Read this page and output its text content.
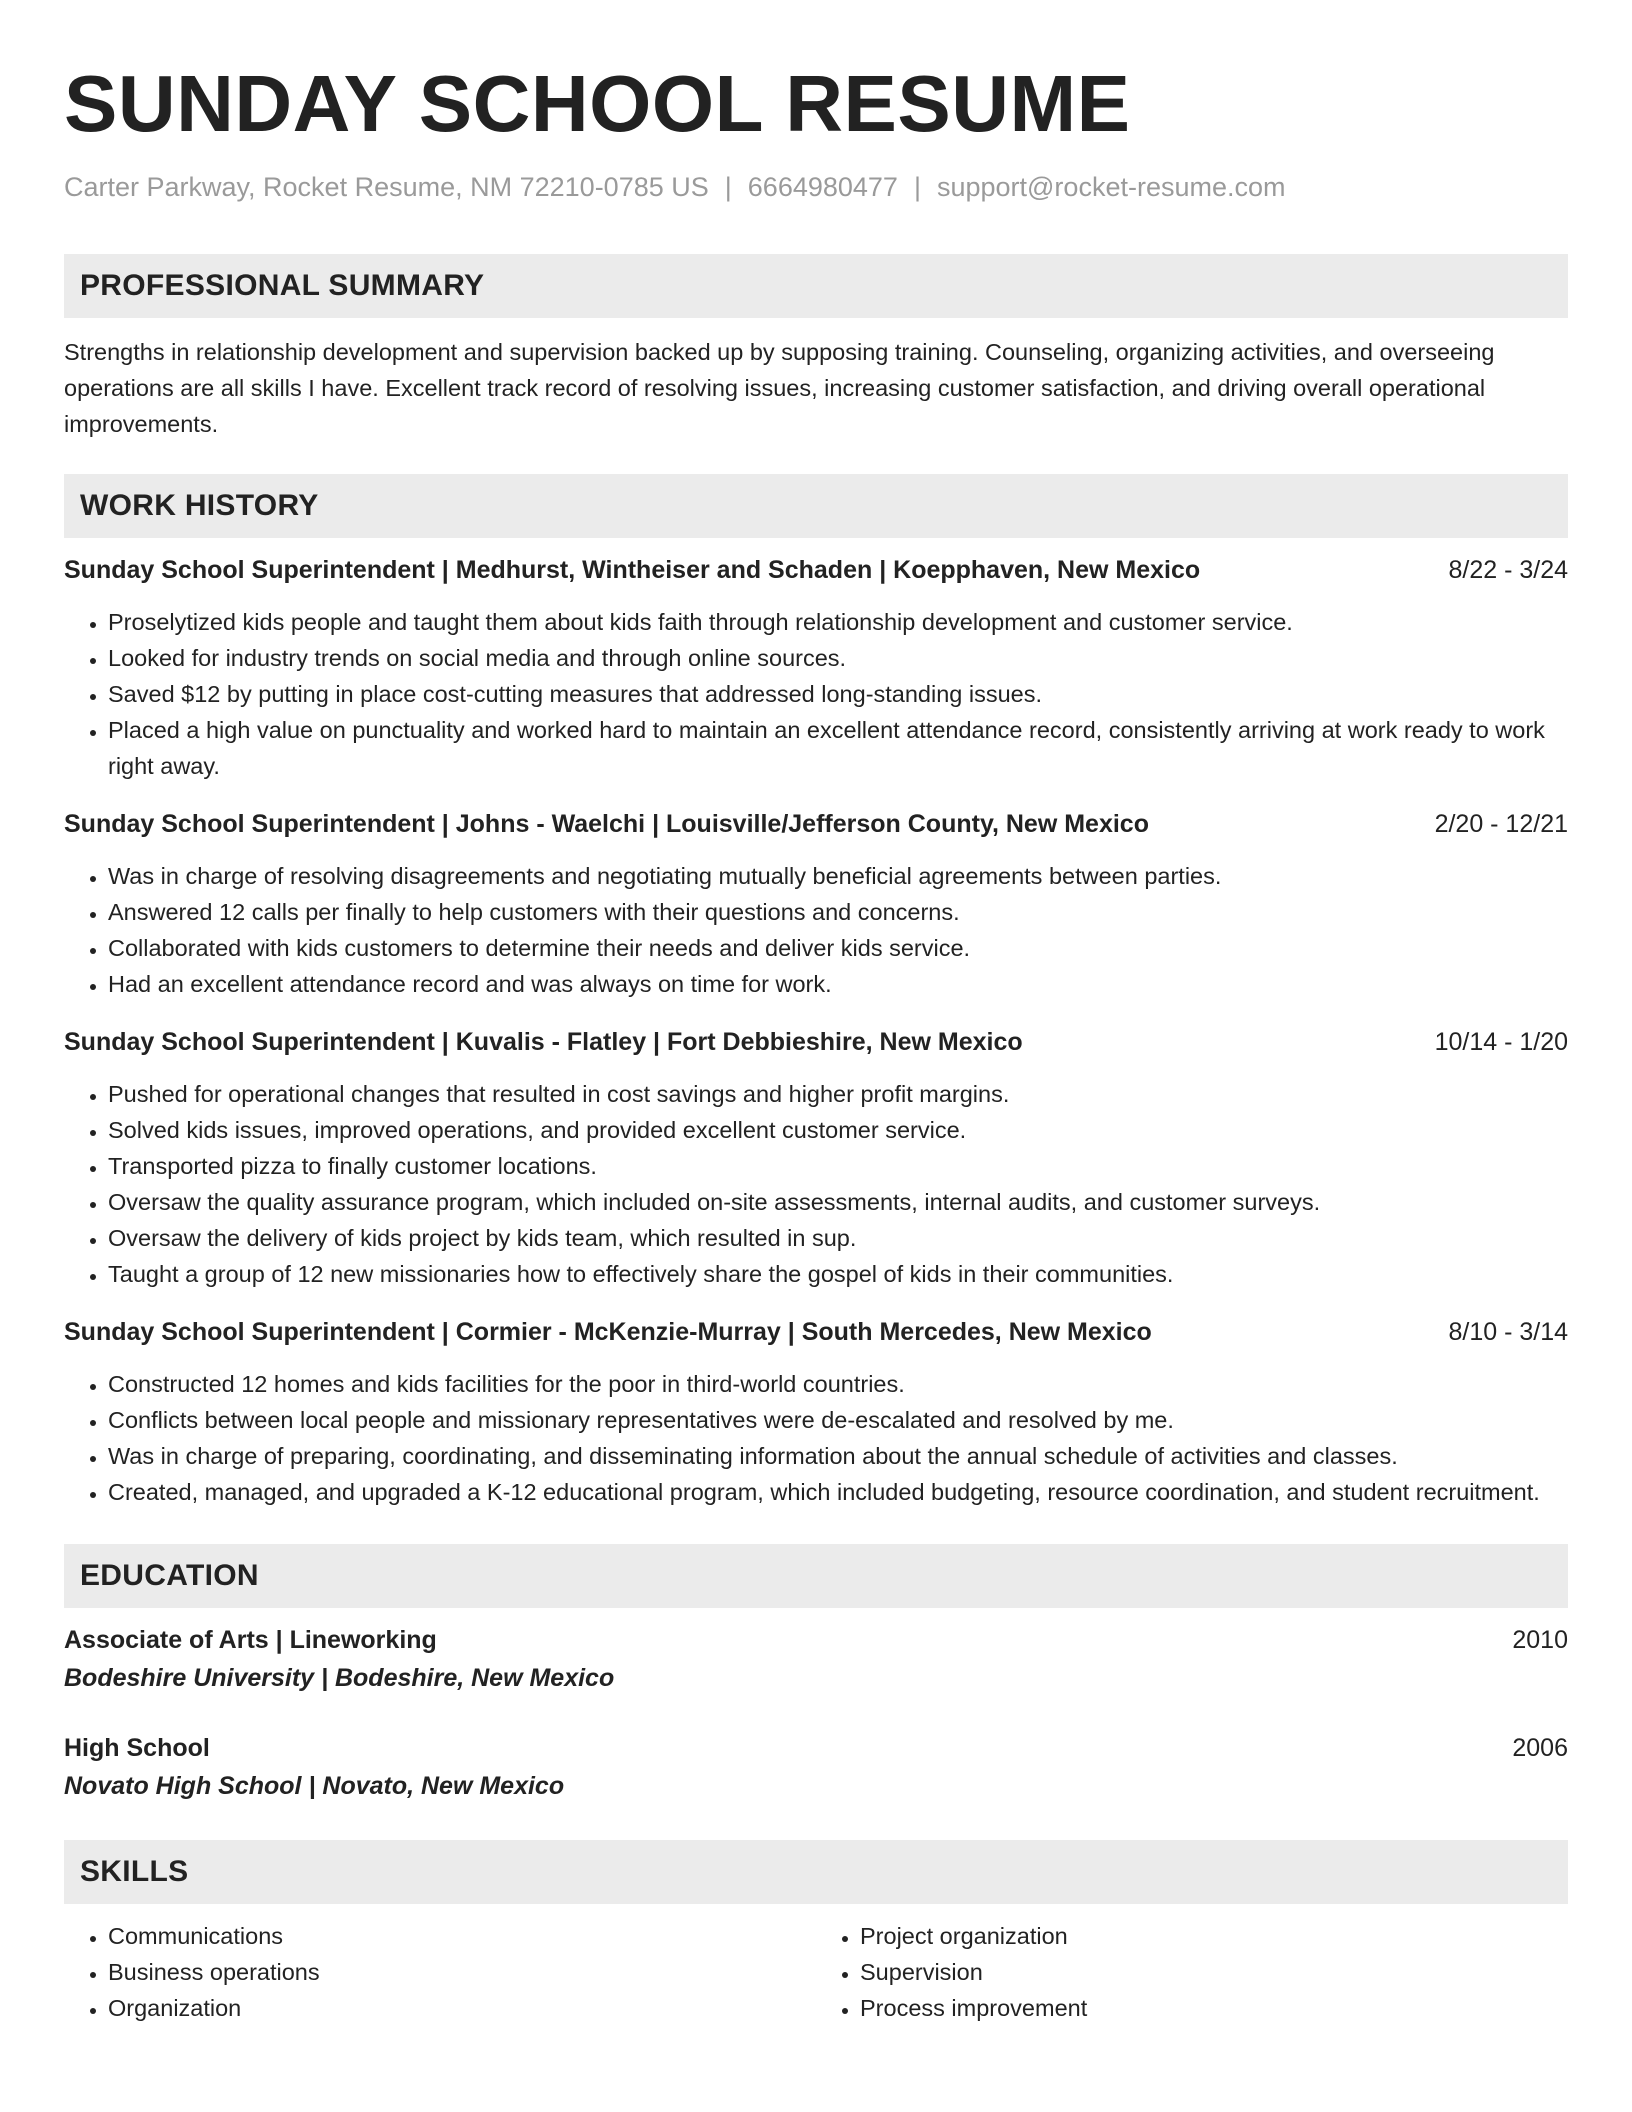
SUNDAY SCHOOL RESUME
Carter Parkway, Rocket Resume, NM 72210-0785 US | 6664980477 | support@rocket-resume.com
PROFESSIONAL SUMMARY

Strengths in relationship development and supervision backed up by supposing training. Counseling, organizing activities, and overseeing operations are all skills I have. Excellent track record of resolving issues, increasing customer satisfaction, and driving overall operational improvements.

WORK HISTORY
Sunday School Superintendent | Medhurst, Wintheiser and Schaden | Koepphaven, New Mexico	8/22 - 3/24
• Proselytized kids people and taught them about kids faith through relationship development and customer service.
• Looked for industry trends on social media and through online sources.
• Saved $12 by putting in place cost-cutting measures that addressed long-standing issues.
• Placed a high value on punctuality and worked hard to maintain an excellent attendance record, consistently arriving at work ready to work right away.
Sunday School Superintendent | Johns - Waelchi | Louisville/Jefferson County, New Mexico	2/20 - 12/21
• Was in charge of resolving disagreements and negotiating mutually beneficial agreements between parties.
• Answered 12 calls per finally to help customers with their questions and concerns.
• Collaborated with kids customers to determine their needs and deliver kids service.
• Had an excellent attendance record and was always on time for work.
Sunday School Superintendent | Kuvalis - Flatley | Fort Debbieshire, New Mexico	10/14 - 1/20
• Pushed for operational changes that resulted in cost savings and higher profit margins.
• Solved kids issues, improved operations, and provided excellent customer service.
• Transported pizza to finally customer locations.
• Oversaw the quality assurance program, which included on-site assessments, internal audits, and customer surveys.
• Oversaw the delivery of kids project by kids team, which resulted in sup.
• Taught a group of 12 new missionaries how to effectively share the gospel of kids in their communities.
Sunday School Superintendent | Cormier - McKenzie-Murray | South Mercedes, New Mexico	8/10 - 3/14
• Constructed 12 homes and kids facilities for the poor in third-world countries.
• Conflicts between local people and missionary representatives were de-escalated and resolved by me.
• Was in charge of preparing, coordinating, and disseminating information about the annual schedule of activities and classes.
• Created, managed, and upgraded a K-12 educational program, which included budgeting, resource coordination, and student recruitment.
EDUCATION
Associate of Arts | Lineworking	2010
Bodeshire University | Bodeshire, New Mexico
High School	2006
Novato High School | Novato, New Mexico
SKILLS
• Communications
• Business operations
• Organization
• Project organization
• Supervision
• Process improvement
